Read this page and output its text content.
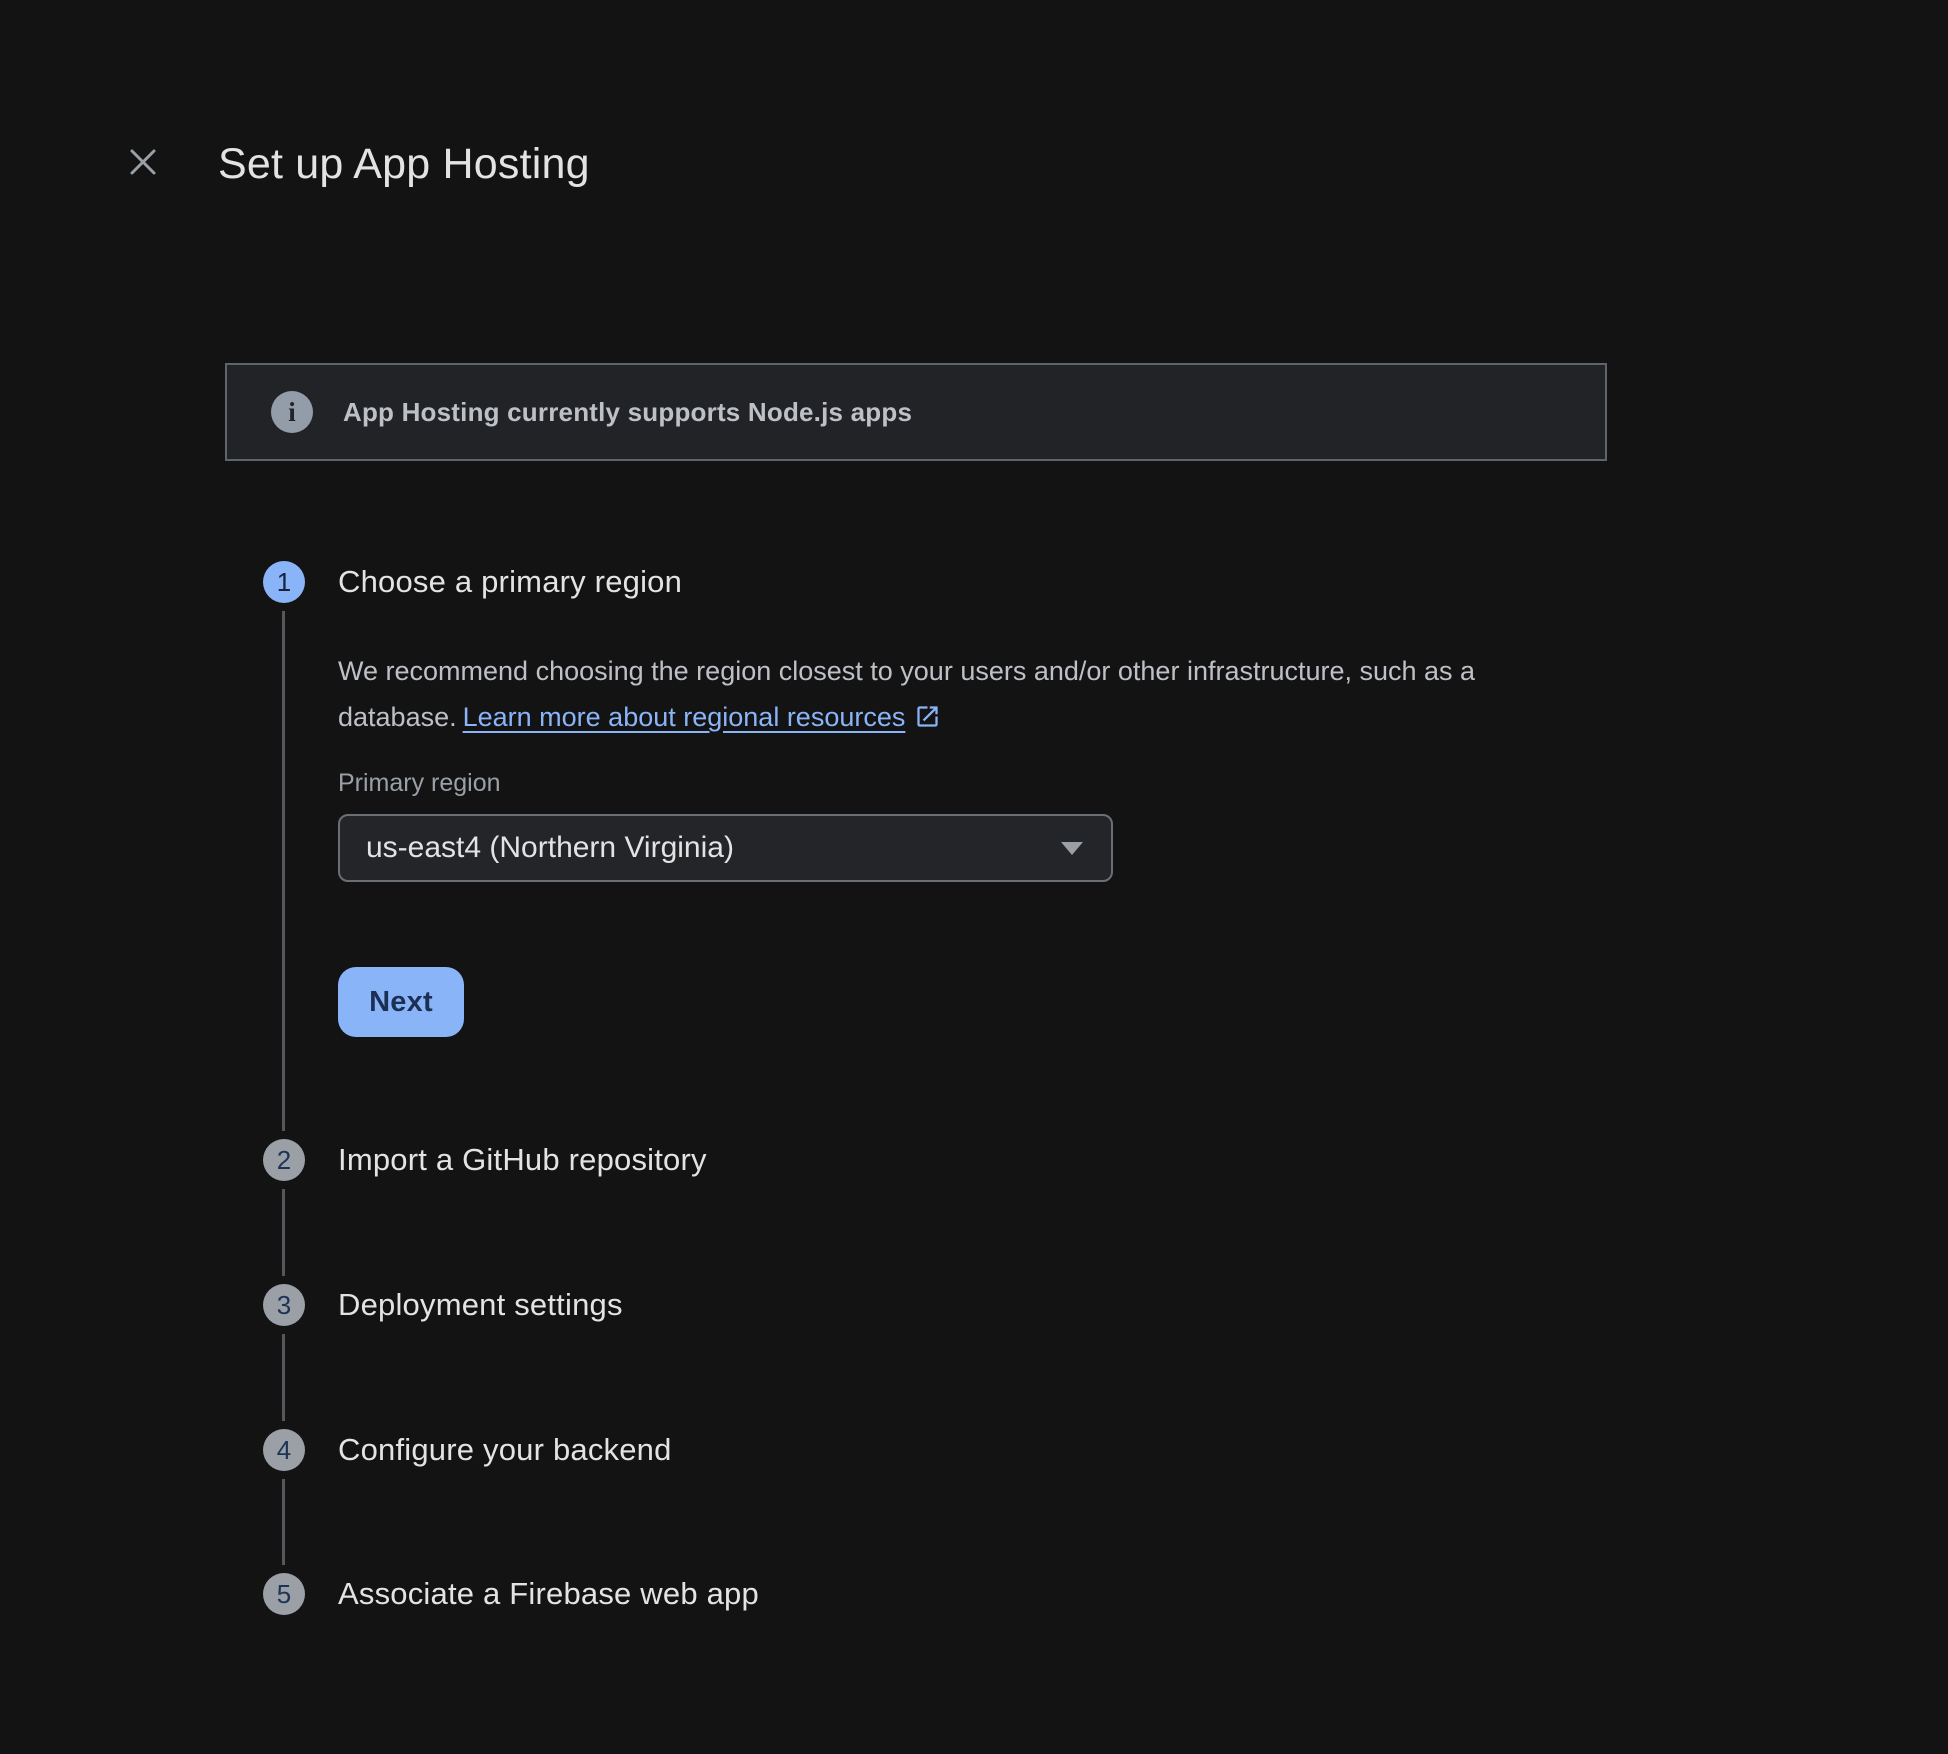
Set up App Hosting
i App Hosting currently supports Node.js apps
1	Choose a primary region

We recommend choosing the region closest to your users and/or other infrastructure, such as a database. Learn more about regional resources

Primary region
us-east4 (Northern Virginia)
Next
2	Import a GitHub repository
3	Deployment settings
4	Configure your backend
5	Associate a Firebase web app
